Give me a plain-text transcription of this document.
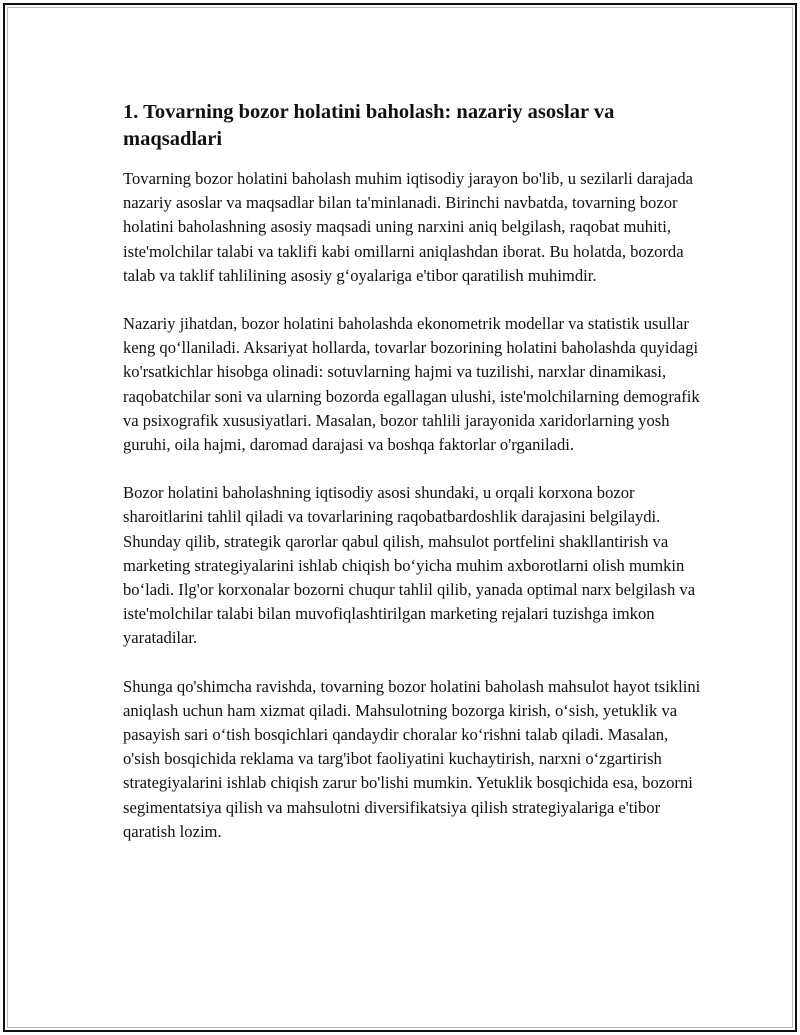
1. Tovarning bozor holatini baholash: nazariy asoslar va maqsadlari

Tovarning bozor holatini baholash muhim iqtisodiy jarayon bo'lib, u sezilarli darajada nazariy asoslar va maqsadlar bilan ta'minlanadi. Birinchi navbatda, tovarning bozor holatini baholashning asosiy maqsadi uning narxini aniq belgilash, raqobat muhiti, iste'molchilar talabi va taklifi kabi omillarni aniqlashdan iborat. Bu holatda, bozorda talab va taklif tahlilining asosiy g‘oyalariga e'tibor qaratilish muhimdir.

Nazariy jihatdan, bozor holatini baholashda ekonometrik modellar va statistik usullar keng qo‘llaniladi. Aksariyat hollarda, tovarlar bozorining holatini baholashda quyidagi ko'rsatkichlar hisobga olinadi: sotuvlarning hajmi va tuzilishi, narxlar dinamikasi, raqobatchilar soni va ularning bozorda egallagan ulushi, iste'molchilarning demografik va psixografik xususiyatlari. Masalan, bozor tahlili jarayonida xaridorlarning yosh guruhi, oila hajmi, daromad darajasi va boshqa faktorlar o'rganiladi.

Bozor holatini baholashning iqtisodiy asosi shundaki, u orqali korxona bozor sharoitlarini tahlil qiladi va tovarlarining raqobatbardoshlik darajasini belgilaydi. Shunday qilib, strategik qarorlar qabul qilish, mahsulot portfelini shakllantirish va marketing strategiyalarini ishlab chiqish bo‘yicha muhim axborotlarni olish mumkin bo‘ladi. Ilg'or korxonalar bozorni chuqur tahlil qilib, yanada optimal narx belgilash va iste'molchilar talabi bilan muvofiqlashtirilgan marketing rejalari tuzishga imkon yaratadilar.

Shunga qo'shimcha ravishda, tovarning bozor holatini baholash mahsulot hayot tsiklini aniqlash uchun ham xizmat qiladi. Mahsulotning bozorga kirish, o‘sish, yetuklik va pasayish sari o‘tish bosqichlari qandaydir choralar ko‘rishni talab qiladi. Masalan, o'sish bosqichida reklama va targ'ibot faoliyatini kuchaytirish, narxni o‘zgartirish strategiyalarini ishlab chiqish zarur bo'lishi mumkin. Yetuklik bosqichida esa, bozorni segimentatsiya qilish va mahsulotni diversifikatsiya qilish strategiyalariga e'tibor qaratish lozim.
